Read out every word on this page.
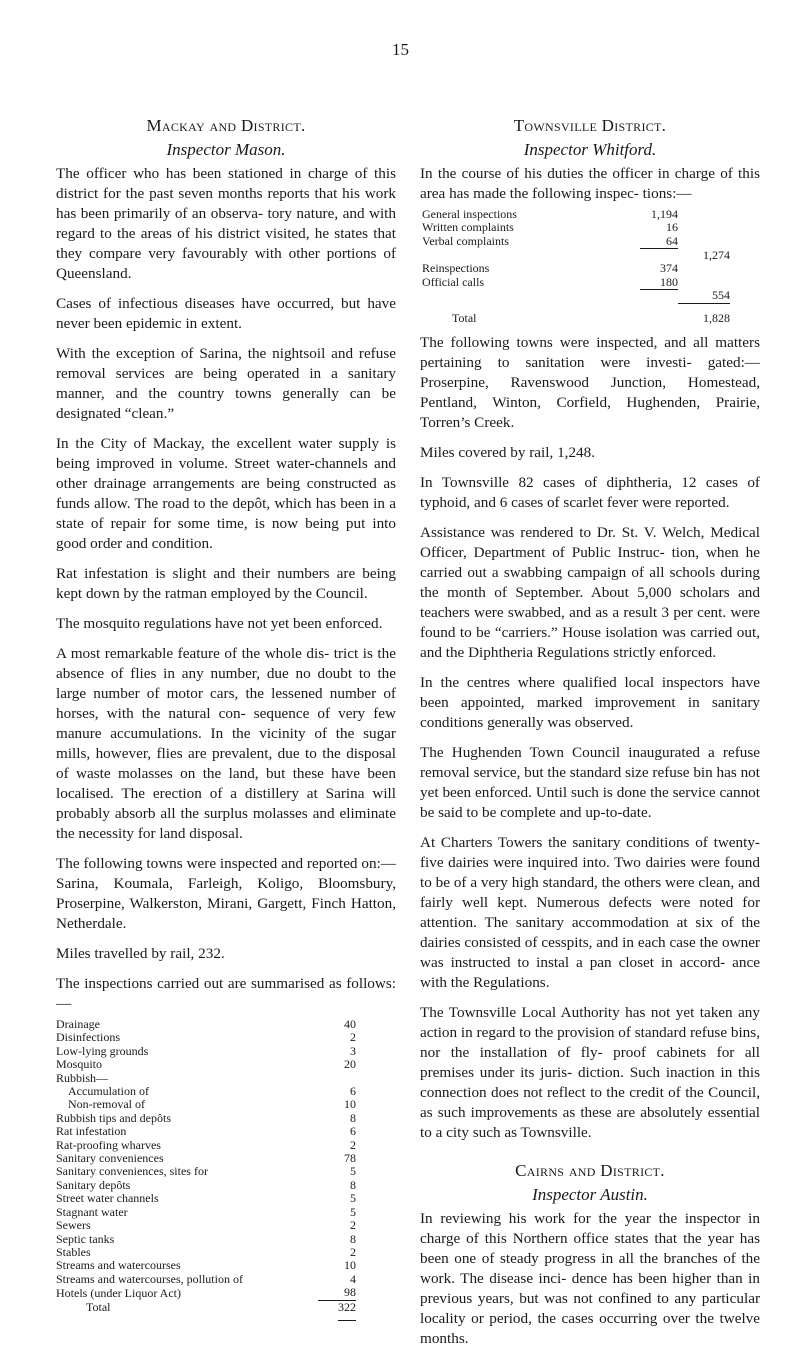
15
Mackay and District.
Inspector Mason.

The officer who has been stationed in charge of this district for the past seven months reports that his work has been primarily of an observa- tory nature, and with regard to the areas of his district visited, he states that they compare very favourably with other portions of Queensland.

Cases of infectious diseases have occurred, but have never been epidemic in extent.

With the exception of Sarina, the nightsoil and refuse removal services are being operated in a sanitary manner, and the country towns generally can be designated “clean.”

In the City of Mackay, the excellent water supply is being improved in volume. Street water-channels and other drainage arrangements are being constructed as funds allow. The road to the depôt, which has been in a state of repair for some time, is now being put into good order and condition.

Rat infestation is slight and their numbers are being kept down by the ratman employed by the Council.

The mosquito regulations have not yet been enforced.

A most remarkable feature of the whole dis- trict is the absence of flies in any number, due no doubt to the large number of motor cars, the lessened number of horses, with the natural con- sequence of very few manure accumulations. In the vicinity of the sugar mills, however, flies are prevalent, due to the disposal of waste molasses on the land, but these have been localised. The erection of a distillery at Sarina will probably absorb all the surplus molasses and eliminate the necessity for land disposal.

The following towns were inspected and reported on:—Sarina, Koumala, Farleigh, Koligo, Bloomsbury, Proserpine, Walkerston, Mirani, Gargett, Finch Hatton, Netherdale.

Miles travelled by rail, 232.

The inspections carried out are summarised as follows:—

Drainage	40
Disinfections	2
Low-lying grounds	3
Mosquito	20
Rubbish—	
Accumulation of	6
Non-removal of	10
Rubbish tips and depôts	8
Rat infestation	6
Rat-proofing wharves	2
Sanitary conveniences	78
Sanitary conveniences, sites for	5
Sanitary depôts	8
Street water channels	5
Stagnant water	5
Sewers	2
Septic tanks	8
Stables	2
Streams and watercourses	10
Streams and watercourses, pollution of	4
Hotels (under Liquor Act)	98
Total	322
Townsville District.
Inspector Whitford.

In the course of his duties the officer in charge of this area has made the following inspec- tions:—

General inspections	1,194	
Written complaints	16	
Verbal complaints	64	
		1,274
Reinspections	374	
Official calls	180	
		554
Total		1,828

The following towns were inspected, and all matters pertaining to sanitation were investi- gated:—Proserpine, Ravenswood Junction, Homestead, Pentland, Winton, Corfield, Hughenden, Prairie, Torren’s Creek.

Miles covered by rail, 1,248.

In Townsville 82 cases of diphtheria, 12 cases of typhoid, and 6 cases of scarlet fever were reported.

Assistance was rendered to Dr. St. V. Welch, Medical Officer, Department of Public Instruc- tion, when he carried out a swabbing campaign of all schools during the month of September. About 5,000 scholars and teachers were swabbed, and as a result 3 per cent. were found to be “carriers.” House isolation was carried out, and the Diphtheria Regulations strictly enforced.

In the centres where qualified local inspectors have been appointed, marked improvement in sanitary conditions generally was observed.

The Hughenden Town Council inaugurated a refuse removal service, but the standard size refuse bin has not yet been enforced. Until such is done the service cannot be said to be complete and up-to-date.

At Charters Towers the sanitary conditions of twenty-five dairies were inquired into. Two dairies were found to be of a very high standard, the others were clean, and fairly well kept. Numerous defects were noted for attention. The sanitary accommodation at six of the dairies consisted of cesspits, and in each case the owner was instructed to instal a pan closet in accord- ance with the Regulations.

The Townsville Local Authority has not yet taken any action in regard to the provision of standard refuse bins, nor the installation of fly- proof cabinets for all premises under its juris- diction. Such inaction in this connection does not reflect to the credit of the Council, as such improvements as these are absolutely essential to a city such as Townsville.

Cairns and District.
Inspector Austin.

In reviewing his work for the year the inspector in charge of this Northern office states that the year has been one of steady progress in all the branches of the work. The disease inci- dence has been higher than in previous years, but was not confined to any particular locality or period, the cases occurring over the twelve months.
